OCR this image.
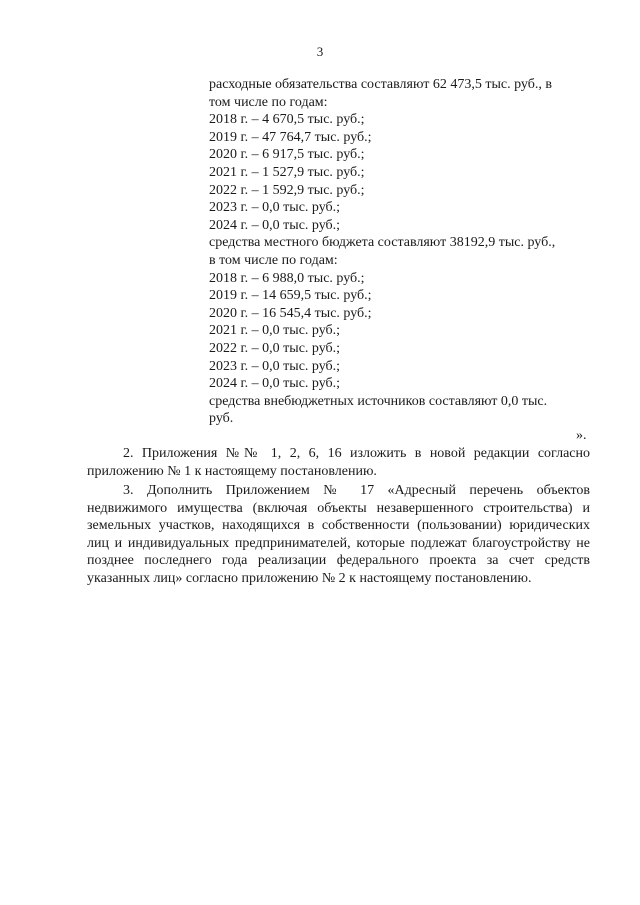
3
расходные обязательства составляют 62 473,5 тыс. руб., в
том числе по годам:
2018 г. – 4 670,5 тыс. руб.;
2019 г. – 47 764,7 тыс. руб.;
2020 г. – 6 917,5 тыс. руб.;
2021 г. – 1 527,9 тыс. руб.;
2022 г. – 1 592,9 тыс. руб.;
2023 г. – 0,0 тыс. руб.;
2024 г. – 0,0 тыс. руб.;
средства местного бюджета составляют 38192,9 тыс. руб.,
в том числе по годам:
2018 г. – 6 988,0 тыс. руб.;
2019 г. – 14 659,5 тыс. руб.;
2020 г. – 16 545,4 тыс. руб.;
2021 г. – 0,0 тыс. руб.;
2022 г. – 0,0 тыс. руб.;
2023 г. – 0,0 тыс. руб.;
2024 г. – 0,0 тыс. руб.;
средства внебюджетных источников составляют 0,0 тыс.
руб.
».

2. Приложения №№ 1, 2, 6, 16 изложить в новой редакции согласно приложению № 1 к настоящему постановлению.

3. Дополнить Приложением № 17 «Адресный перечень объектов недвижимого имущества (включая объекты незавершенного строительства) и земельных участков, находящихся в собственности (пользовании) юридических лиц и индивидуальных предпринимателей, которые подлежат благоустройству не позднее последнего года реализации федерального проекта за счет средств указанных лиц» согласно приложению № 2 к настоящему постановлению.
